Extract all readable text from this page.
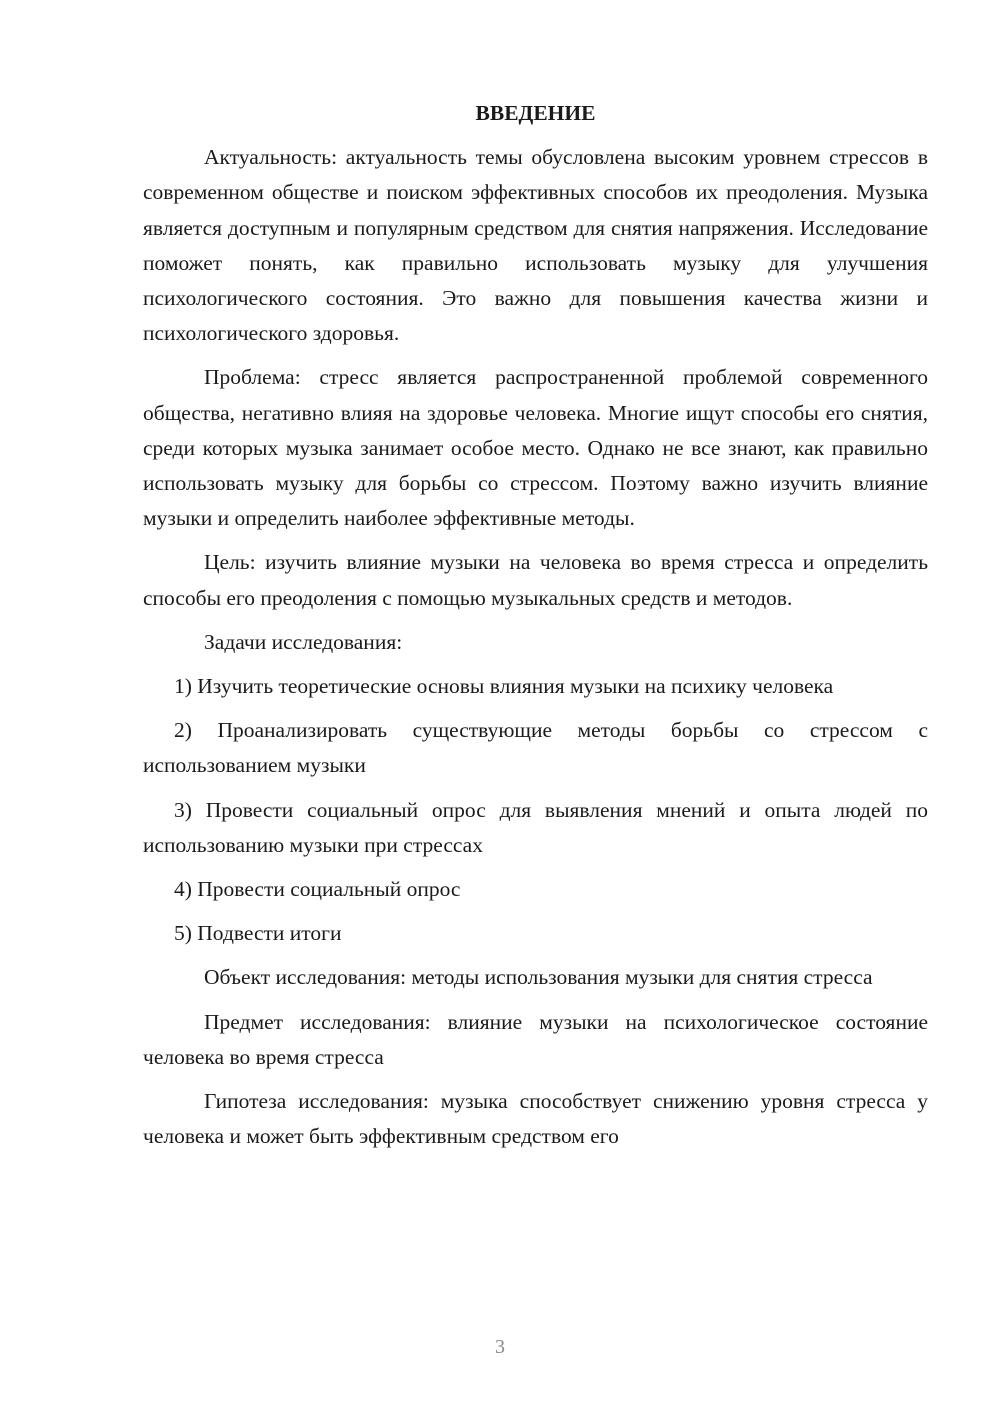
ВВЕДЕНИЕ

Актуальность: актуальность темы обусловлена высоким уровнем стрессов в современном обществе и поиском эффективных способов их преодоления. Музыка является доступным и популярным средством для снятия напряжения. Исследование поможет понять, как правильно использовать музыку для улучшения психологического состояния. Это важно для повышения качества жизни и психологического здоровья.

Проблема: стресс является распространенной проблемой современного общества, негативно влияя на здоровье человека. Многие ищут способы его снятия, среди которых музыка занимает особое место. Однако не все знают, как правильно использовать музыку для борьбы со стрессом. Поэтому важно изучить влияние музыки и определить наиболее эффективные методы.

Цель: изучить влияние музыки на человека во время стресса и определить способы его преодоления с помощью музыкальных средств и методов.

Задачи исследования:

1) Изучить теоретические основы влияния музыки на психику человека

2) Проанализировать существующие методы борьбы со стрессом с использованием музыки

3) Провести социальный опрос для выявления мнений и опыта людей по использованию музыки при стрессах

4) Провести социальный опрос

5) Подвести итоги

Объект исследования: методы использования музыки для снятия стресса

Предмет исследования: влияние музыки на психологическое состояние человека во время стресса

Гипотеза исследования: музыка способствует снижению уровня стресса у человека и может быть эффективным средством его

3
